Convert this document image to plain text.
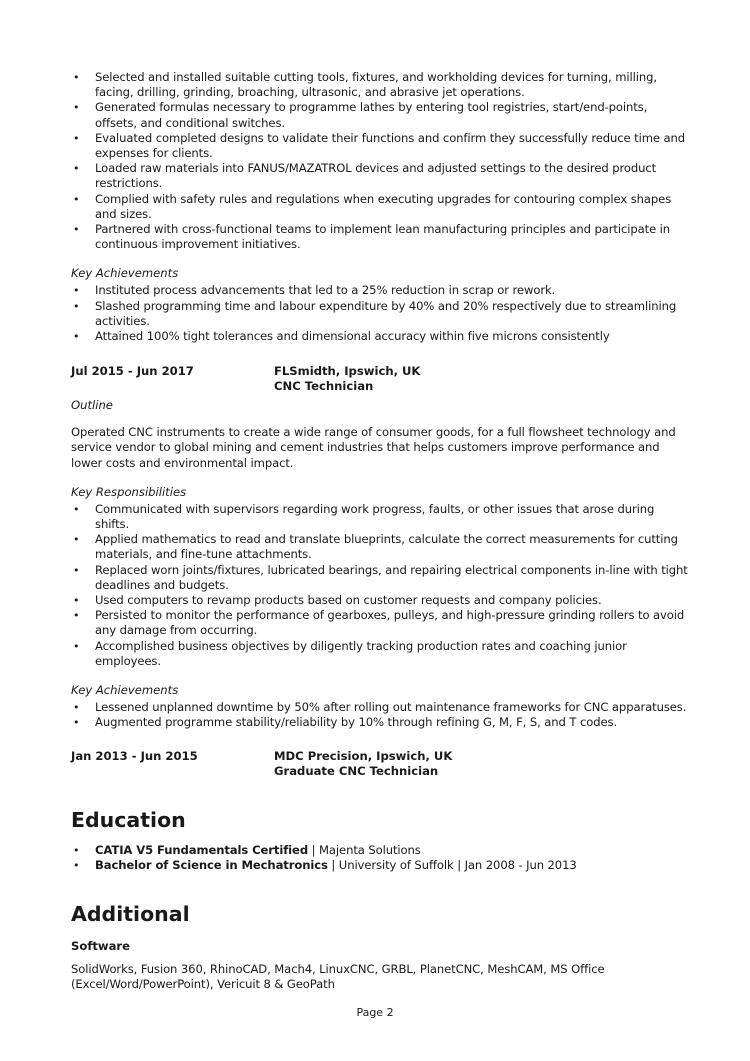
• Selected and installed suitable cutting tools, fixtures, and workholding devices for turning, milling, facing, drilling, grinding, broaching, ultrasonic, and abrasive jet operations.
• Generated formulas necessary to programme lathes by entering tool registries, start/end-points, offsets, and conditional switches.
• Evaluated completed designs to validate their functions and confirm they successfully reduce time and expenses for clients.
• Loaded raw materials into FANUS/MAZATROL devices and adjusted settings to the desired product restrictions.
• Complied with safety rules and regulations when executing upgrades for contouring complex shapes and sizes.
• Partnered with cross-functional teams to implement lean manufacturing principles and participate in continuous improvement initiatives.
Key Achievements
• Instituted process advancements that led to a 25% reduction in scrap or rework.
• Slashed programming time and labour expenditure by 40% and 20% respectively due to streamlining activities.
• Attained 100% tight tolerances and dimensional accuracy within five microns consistently
Jul 2015 - Jun 2017	FLSmidth, Ipswich, UK
CNC Technician
Outline
Operated CNC instruments to create a wide range of consumer goods, for a full flowsheet technology and service vendor to global mining and cement industries that helps customers improve performance and lower costs and environmental impact.
Key Responsibilities
• Communicated with supervisors regarding work progress, faults, or other issues that arose during shifts.
• Applied mathematics to read and translate blueprints, calculate the correct measurements for cutting materials, and fine-tune attachments.
• Replaced worn joints/fixtures, lubricated bearings, and repairing electrical components in-line with tight deadlines and budgets.
• Used computers to revamp products based on customer requests and company policies.
• Persisted to monitor the performance of gearboxes, pulleys, and high-pressure grinding rollers to avoid any damage from occurring.
• Accomplished business objectives by diligently tracking production rates and coaching junior employees.
Key Achievements
• Lessened unplanned downtime by 50% after rolling out maintenance frameworks for CNC apparatuses.
• Augmented programme stability/reliability by 10% through refining G, M, F, S, and T codes.
Jan 2013 - Jun 2015	MDC Precision, Ipswich, UK
Graduate CNC Technician
Education
• CATIA V5 Fundamentals Certified | Majenta Solutions
• Bachelor of Science in Mechatronics | University of Suffolk | Jan 2008 - Jun 2013
Additional
Software
SolidWorks, Fusion 360, RhinoCAD, Mach4, LinuxCNC, GRBL, PlanetCNC, MeshCAM, MS Office (Excel/Word/PowerPoint), Vericuit 8 & GeoPath
Page 2
